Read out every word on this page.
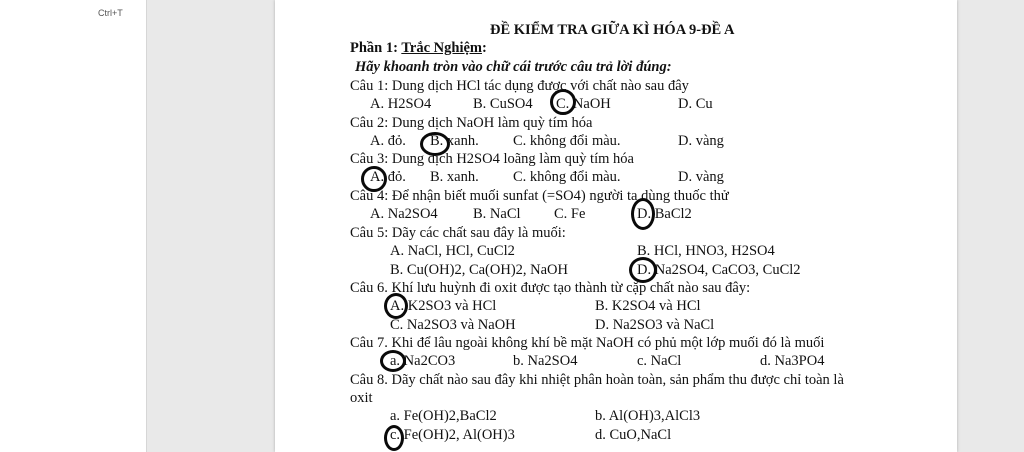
Ctrl+T
ĐỀ KIỂM TRA GIỮA KÌ HÓA 9-ĐỀ A
Phần 1: Trắc Nghiệm:
Hãy khoanh tròn vào chữ cái trước câu trả lời đúng:
Câu 1: Dung dịch HCl tác dụng được với chất nào sau đây
A. H2SO4	B. CuSO4 C. NaOH	D. Cu
Câu 2: Dung dịch NaOH làm quỳ tím hóa
A. đỏ. B. xanh. C. không đổi màu.	D. vàng
Câu 3: Dung dịch H2SO4 loãng làm quỳ tím hóa
A. đỏ. B. xanh. C. không đổi màu.	D. vàng
Câu 4: Để nhận biết muối sunfat (=SO4) người ta dùng thuốc thử
A. Na2SO4 B. NaCl C. Fe	D. BaCl2
Câu 5: Dãy các chất sau đây là muối:
A. NaCl, HCl, CuCl2	B. HCl, HNO3, H2SO4
B. Cu(OH)2, Ca(OH)2, NaOH	D. Na2SO4, CaCO3, CuCl2
Câu 6. Khí lưu huỳnh đi oxit được tạo thành từ cặp chất nào sau đây:
A. K2SO3 và HCl	B. K2SO4 và HCl
C. Na2SO3 và NaOH	D. Na2SO3 và NaCl
Câu 7. Khi để lâu ngoài không khí bề mặt NaOH có phủ một lớp muối đó là muối
a. Na2CO3	b. Na2SO4	c. NaCl	d. Na3PO4
Câu 8. Dãy chất nào sau đây khi nhiệt phân hoàn toàn, sản phẩm thu được chỉ toàn là
oxit
a. Fe(OH)2,BaCl2	b. Al(OH)3,AlCl3
c. Fe(OH)2, Al(OH)3	d. CuO,NaCl
